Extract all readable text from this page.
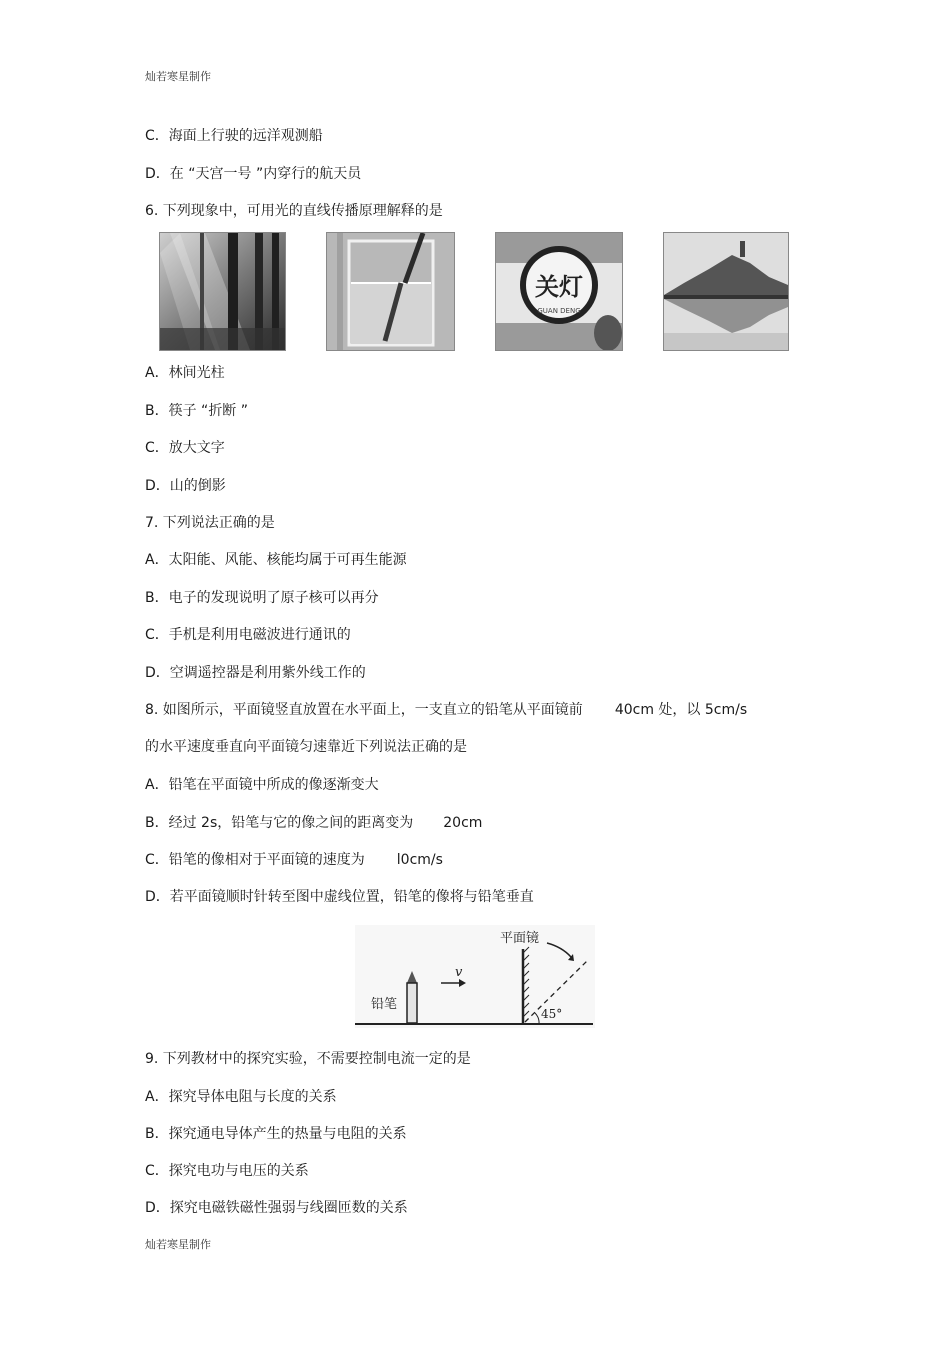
灿若寒星制作
C．海面上行驶的远洋观测船
D．在 “天宫一号 ”内穿行的航天员
6. 下列现象中，可用光的直线传播原理解释的是
关灯
GUAN DENG
A．林间光柱
B．筷子 “折断 ”
C．放大文字
D．山的倒影
7. 下列说法正确的是
A．太阳能、风能、核能均属于可再生能源
B．电子的发现说明了原子核可以再分
C．手机是利用电磁波进行通讯的
D．空调遥控器是利用紫外线工作的
8. 如图所示，平面镜竖直放置在水平面上，一支直立的铅笔从平面镜前 40cm 处，以 5cm/s
的水平速度垂直向平面镜匀速靠近下列说法正确的是
A．铅笔在平面镜中所成的像逐渐变大
B．经过 2s，铅笔与它的像之间的距离变为 20cm
C．铅笔的像相对于平面镜的速度为 l0cm/s
D．若平面镜顺时针转至图中虚线位置，铅笔的像将与铅笔垂直
平面镜
铅笔
v
45°
9. 下列教材中的探究实验，不需要控制电流一定的是
A．探究导体电阻与长度的关系
B．探究通电导体产生的热量与电阻的关系
C．探究电功与电压的关系
D．探究电磁铁磁性强弱与线圈匝数的关系
灿若寒星制作
